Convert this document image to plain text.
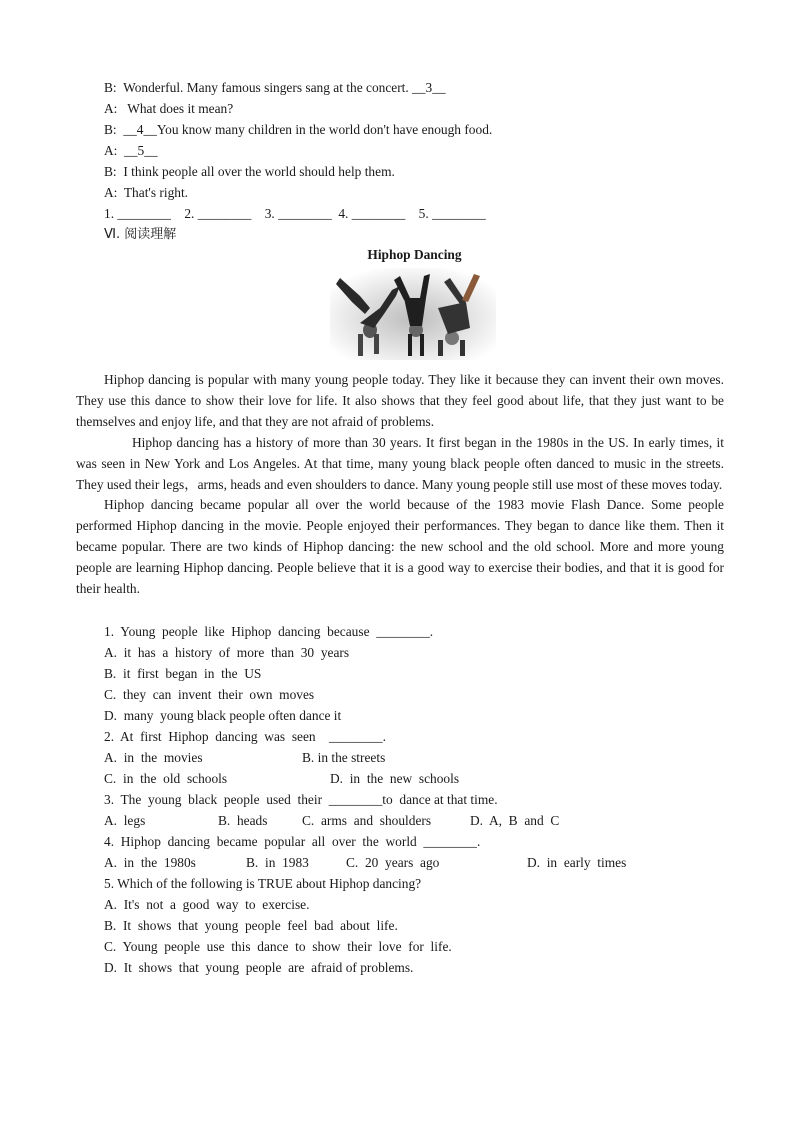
B: Wonderful. Many famous singers sang at the concert. __3__
A:   What does it mean?
B: __4__You know many children in the world don't have enough food.
A: __5__
B: I think people all over the world should help them.
A: That's right.
1. ________    2. ________    3. ________  4. ________    5. ________
Ⅵ. 阅读理解
Hiphop Dancing

Hiphop dancing is popular with many young people today. They like it because they can invent their own moves. They use this dance to show their love for life. It also shows that they feel good about life, that they just want to be themselves and enjoy life, and that they are not afraid of problems.

Hiphop dancing has a history of more than 30 years. It first began in the 1980s in the US. In early times, it was seen in New York and Los Angeles. At that time, many young black people often danced to music in the streets. They used their legs，arms, heads and even shoulders to dance. Many young people still use most of these moves today.

Hiphop dancing became popular all over the world because of the 1983 movie Flash Dance. Some people performed Hiphop dancing in the movie. People enjoyed their performances. They began to dance like them. Then it became popular. There are two kinds of Hiphop dancing: the new school and the old school. More and more young people are learning Hiphop dancing. People believe that it is a good way to exercise their bodies, and that it is good for their health.

1.  Young  people  like  Hiphop  dancing  because  ________.
A.  it  has  a  history  of  more  than  30  years
B.  it  first  began  in  the  US
C.  they  can  invent  their  own  moves
D.  many  young black people often dance it
2.  At  first  Hiphop  dancing  was  seen    ________.
A.  in  the  movies	B. in the streets
C.  in  the  old  schools	D.  in  the  new  schools
3.  The  young  black  people  used  their  ________to  dance at that time.
A.  legs	B.  heads	C.  arms  and  shoulders	D.  A,  B  and  C
4.  Hiphop  dancing  became  popular  all  over  the  world  ________.
A.  in  the  1980s	B.  in  1983	C.  20  years  ago	D.  in  early  times
5. Which of the following is TRUE about Hiphop dancing?
A.  It's  not  a  good  way  to  exercise.
B.  It  shows  that  young  people  feel  bad  about  life.
C.  Young  people  use  this  dance  to  show  their  love  for  life.
D.  It  shows  that  young  people  are  afraid of problems.
